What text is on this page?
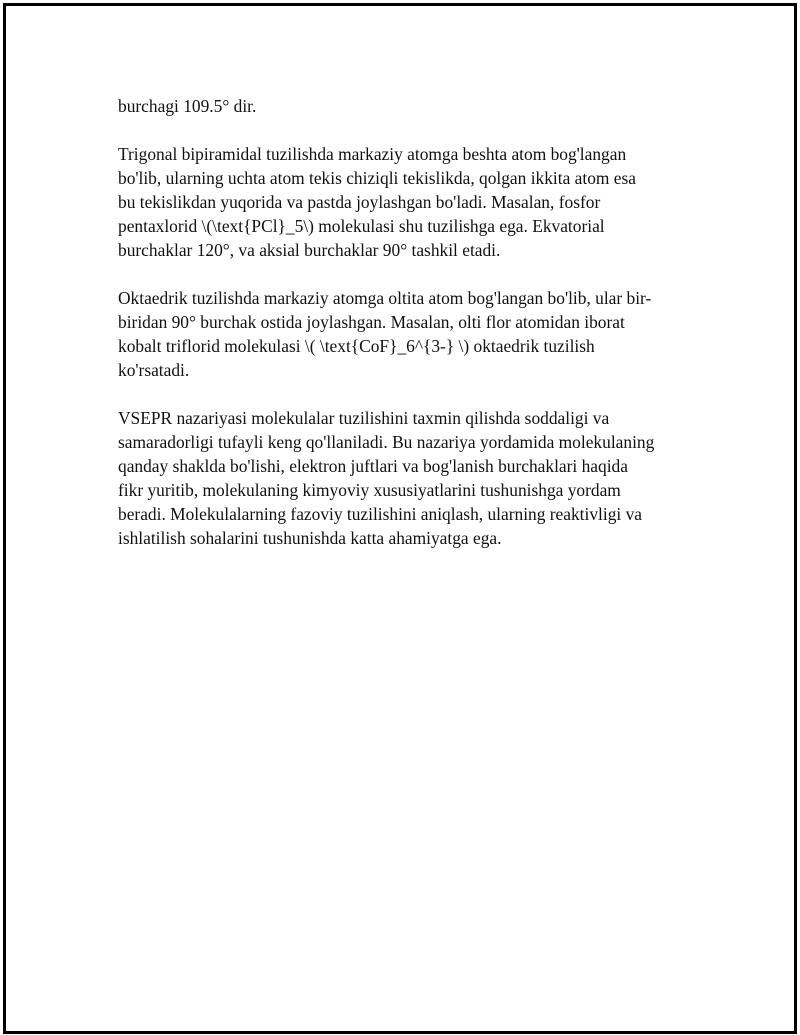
burchagi 109.5° dir.

Trigonal bipiramidal tuzilishda markaziy atomga beshta atom bog'langan
bo'lib, ularning uchta atom tekis chiziqli tekislikda, qolgan ikkita atom esa
bu tekislikdan yuqorida va pastda joylashgan bo'ladi. Masalan, fosfor
pentaxlorid \(\text{PCl}_5\) molekulasi shu tuzilishga ega. Ekvatorial
burchaklar 120°, va aksial burchaklar 90° tashkil etadi.

Oktaedrik tuzilishda markaziy atomga oltita atom bog'langan bo'lib, ular bir-
biridan 90° burchak ostida joylashgan. Masalan, olti flor atomidan iborat
kobalt triflorid molekulasi \( \text{CoF}_6^{3-} \) oktaedrik tuzilish
ko'rsatadi.

VSEPR nazariyasi molekulalar tuzilishini taxmin qilishda soddaligi va
samaradorligi tufayli keng qo'llaniladi. Bu nazariya yordamida molekulaning
qanday shaklda bo'lishi, elektron juftlari va bog'lanish burchaklari haqida
fikr yuritib, molekulaning kimyoviy xususiyatlarini tushunishga yordam
beradi. Molekulalarning fazoviy tuzilishini aniqlash, ularning reaktivligi va
ishlatilish sohalarini tushunishda katta ahamiyatga ega.
